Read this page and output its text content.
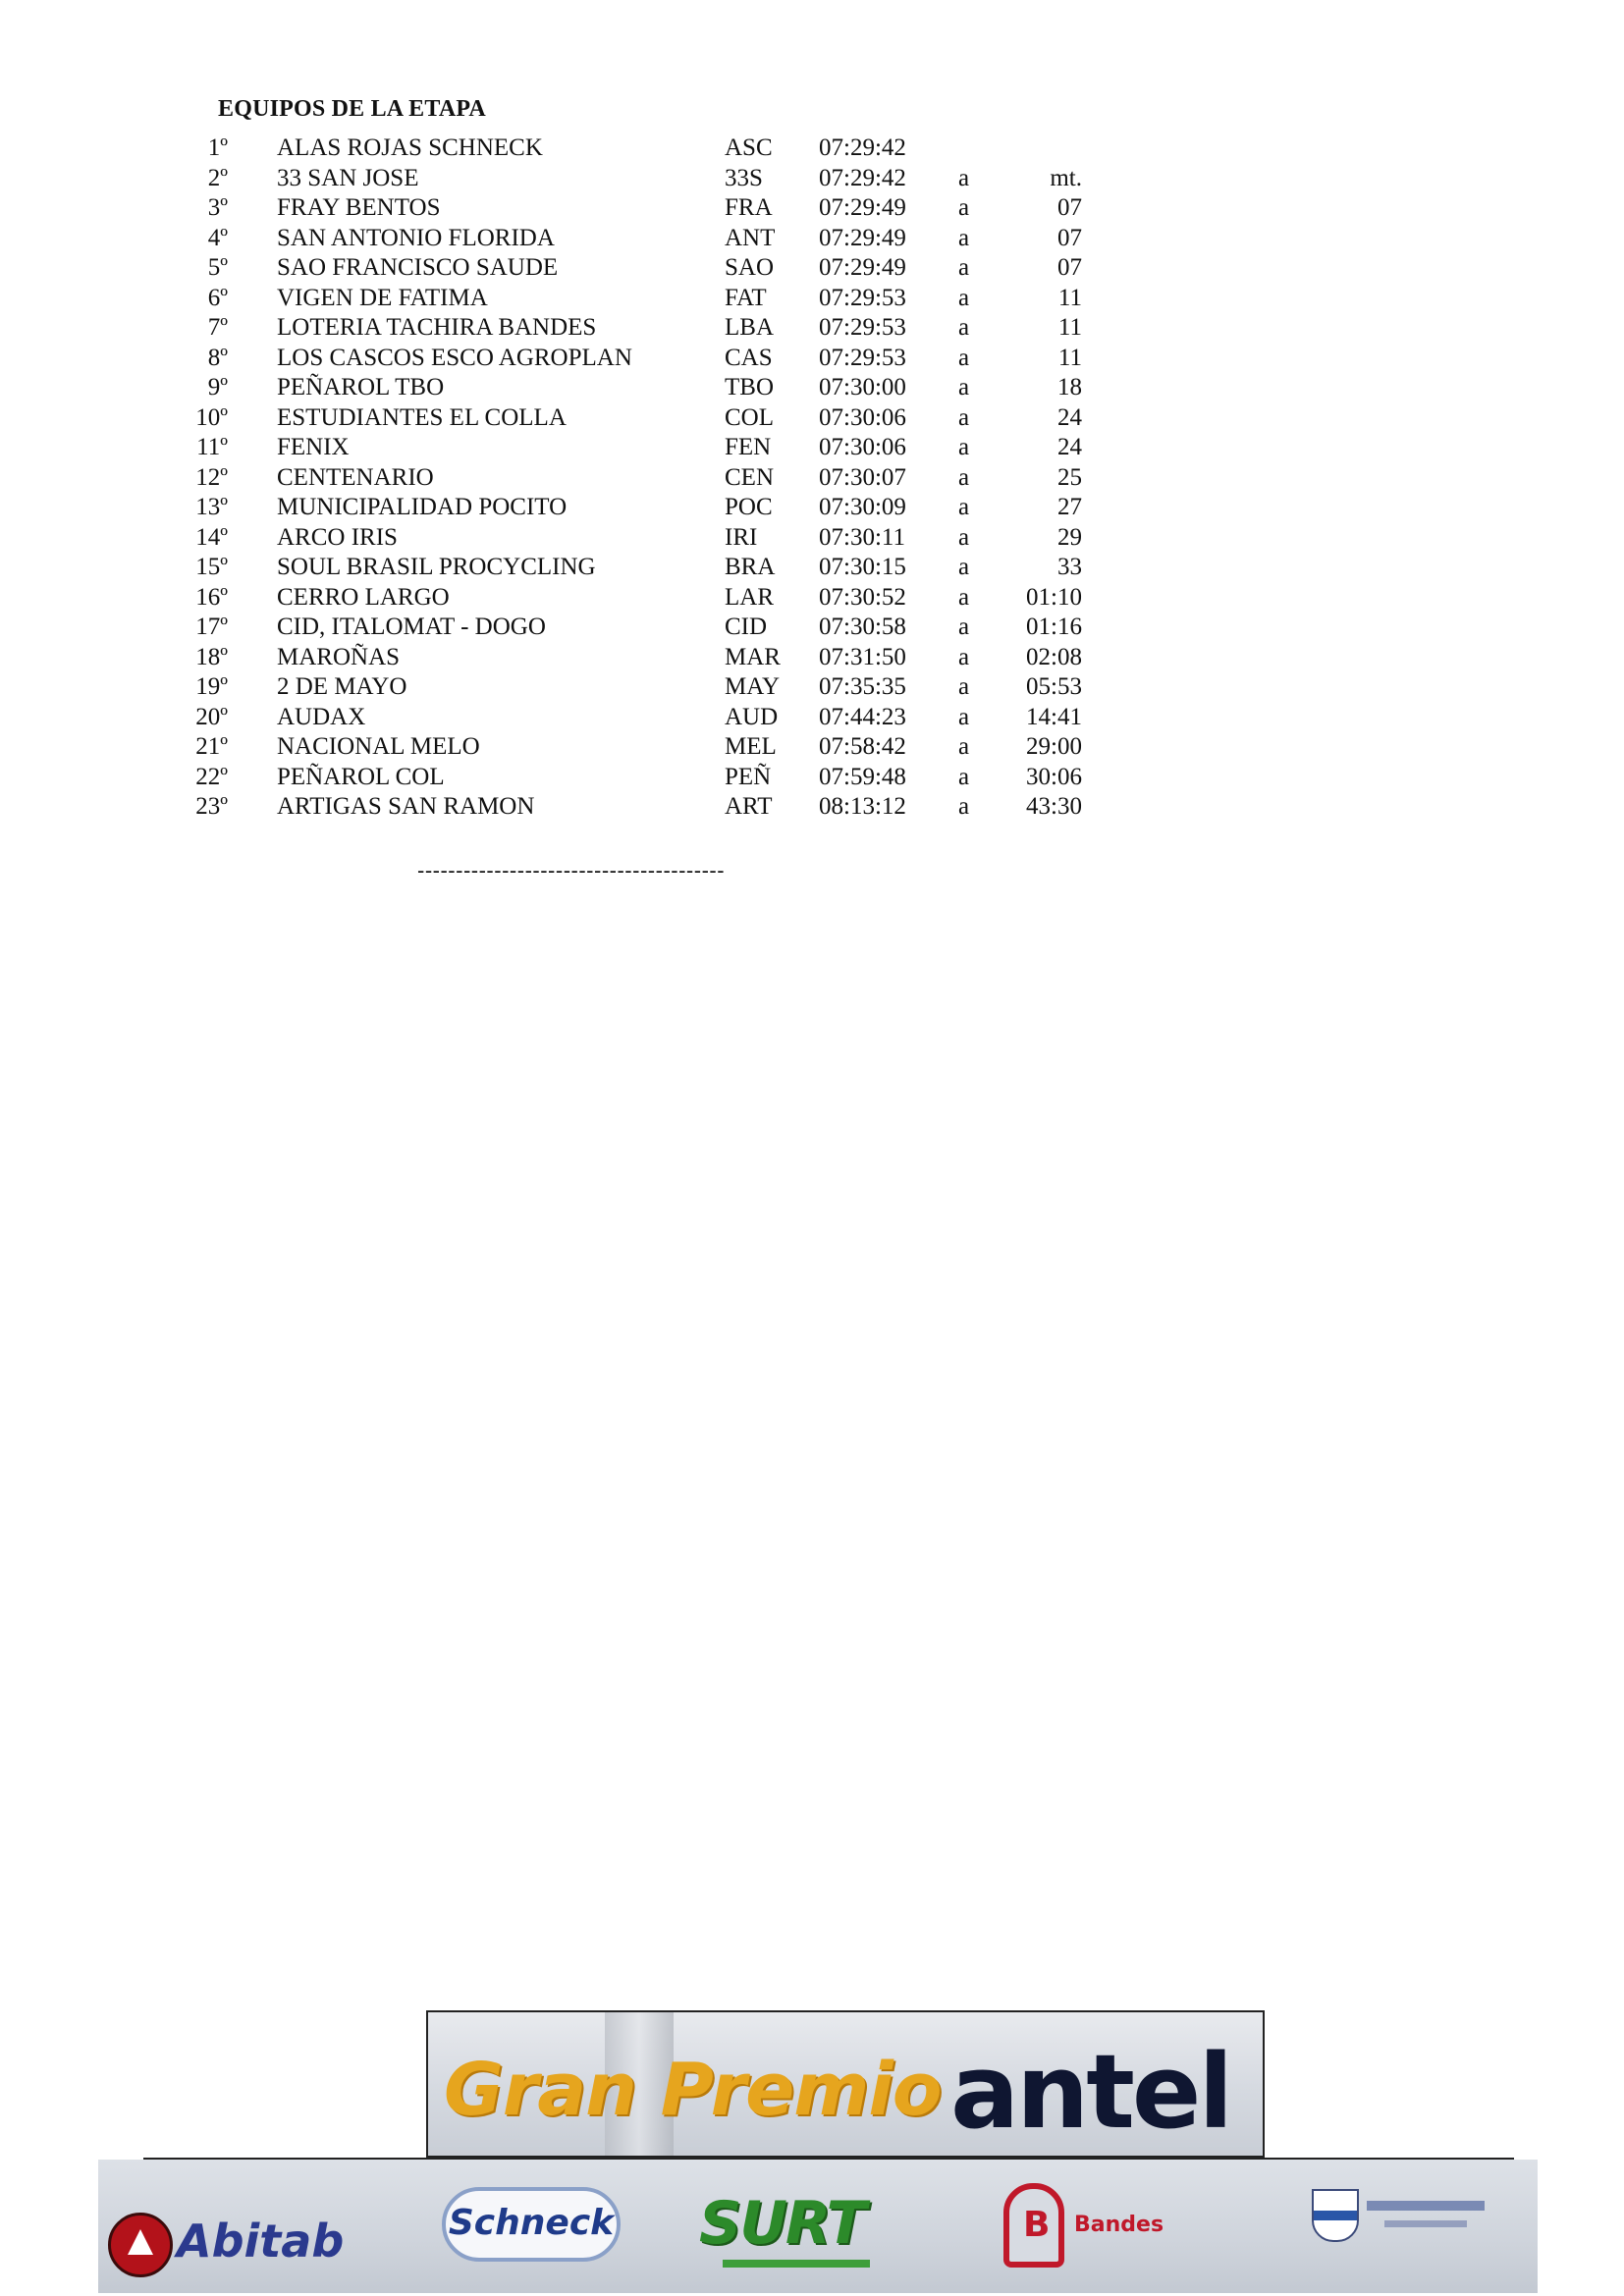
EQUIPOS DE LA ETAPA
1º ALAS ROJAS SCHNECK	ASC 07:29:42
2º 33 SAN JOSE	33S 07:29:42 a	mt.
3º FRAY BENTOS	FRA 07:29:49 a	07
4º SAN ANTONIO FLORIDA	ANT 07:29:49 a	07
5º SAO FRANCISCO SAUDE	SAO 07:29:49 a	07
6º VIGEN DE FATIMA	FAT 07:29:53 a	11
7º LOTERIA TACHIRA BANDES	LBA 07:29:53 a	11
8º LOS CASCOS ESCO AGROPLAN	CAS 07:29:53 a	11
9º PEÑAROL TBO	TBO 07:30:00 a	18
10º ESTUDIANTES EL COLLA	COL 07:30:06 a	24
11º FENIX	FEN 07:30:06 a	24
12º CENTENARIO	CEN 07:30:07 a	25
13º MUNICIPALIDAD POCITO	POC 07:30:09 a	27
14º ARCO IRIS	IRI	07:30:11 a	29
15º SOUL BRASIL PROCYCLING	BRA 07:30:15 a	33
16º CERRO LARGO	LAR 07:30:52 a	01:10
17º CID, ITALOMAT - DOGO	CID 07:30:58 a	01:16
18º MAROÑAS	MAR 07:31:50 a	02:08
19º 2 DE MAYO	MAY 07:35:35 a	05:53
20º AUDAX	AUD 07:44:23 a	14:41
21º NACIONAL MELO	MEL 07:58:42 a	29:00
22º PEÑAROL COL	PEÑ 07:59:48 a	30:06
23º ARTIGAS SAN RAMON	ART 08:13:12 a	43:30
----------------------------------------
Gran Premio antel
Abitab	Schneck SURT
B	Bandes
